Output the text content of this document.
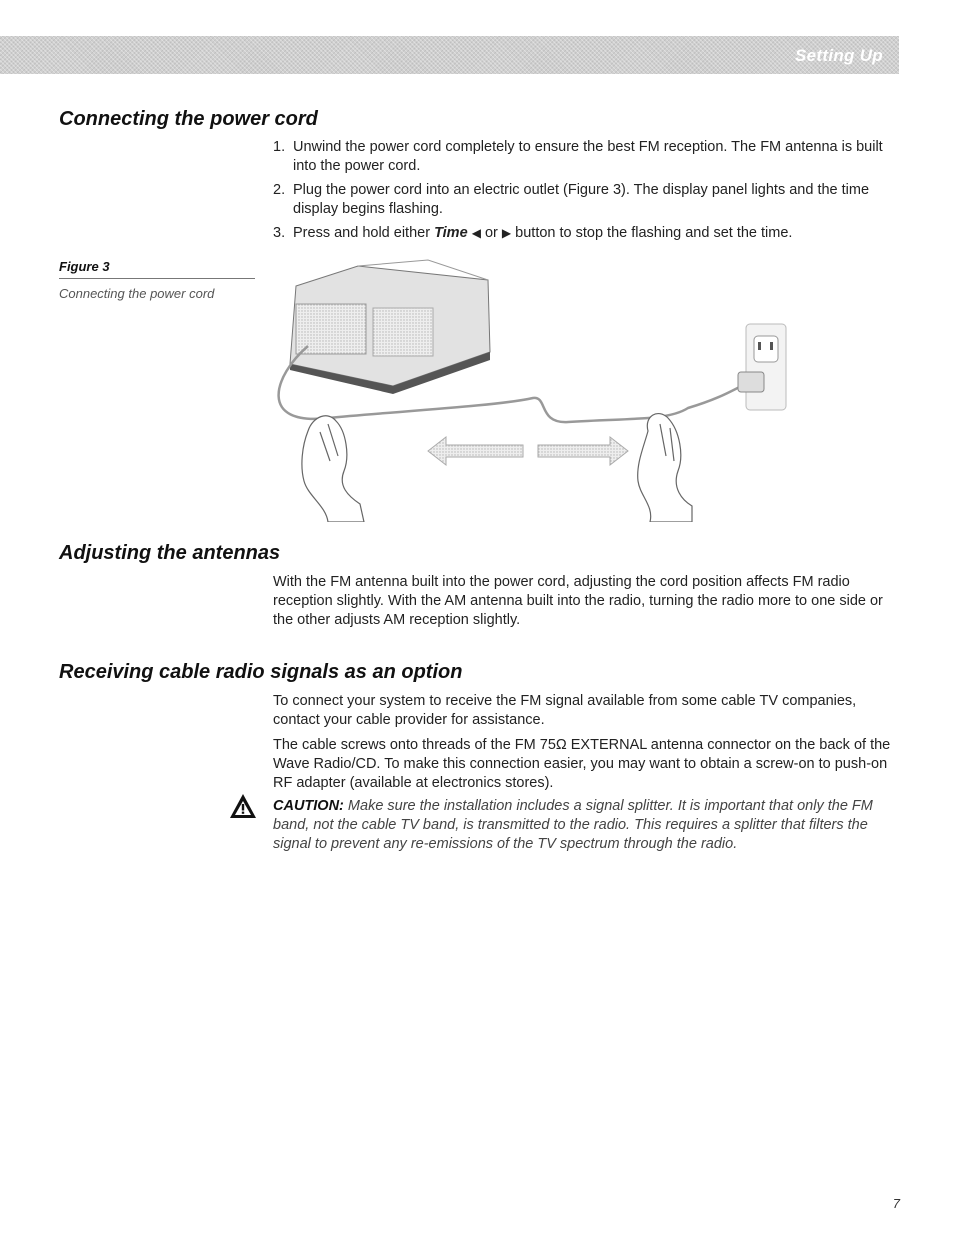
Setting Up
Connecting the power cord
1. Unwind the power cord completely to ensure the best FM reception. The FM antenna is built into the power cord.
2. Plug the power cord into an electric outlet (Figure 3). The display panel lights and the time display begins flashing.
3. Press and hold either Time ◀ or ▶ button to stop the flashing and set the time.
Figure 3
Connecting the power cord
Adjusting the antennas

With the FM antenna built into the power cord, adjusting the cord position affects FM radio reception slightly. With the AM antenna built into the radio, turning the radio more to one side or the other adjusts AM reception slightly.

Receiving cable radio signals as an option

To connect your system to receive the FM signal available from some cable TV companies, contact your cable provider for assistance.

The cable screws onto threads of the FM 75Ω EXTERNAL antenna connector on the back of the Wave Radio/CD. To make this connection easier, you may want to obtain a screw-on to push-on RF adapter (available at electronics stores).

CAUTION: Make sure the installation includes a signal splitter. It is important that only the FM band, not the cable TV band, is transmitted to the radio. This requires a splitter that filters the signal to prevent any re-emissions of the TV spectrum through the radio.

7
